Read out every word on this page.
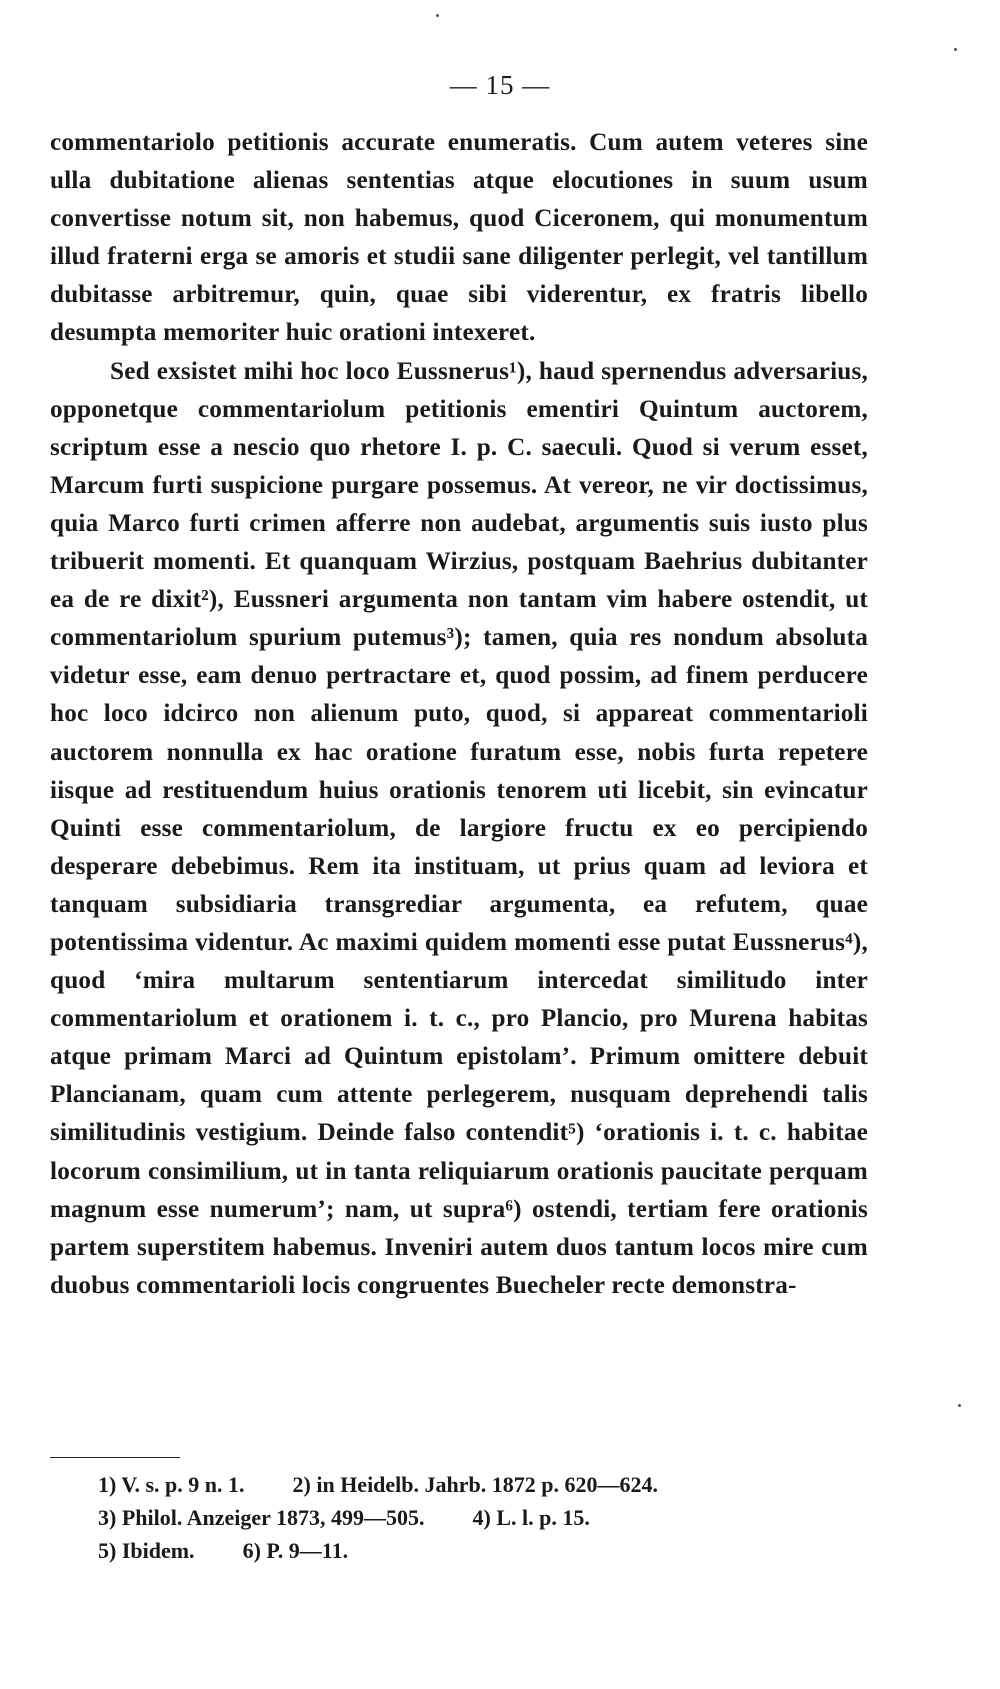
— 15 —

commentariolo petitionis accurate enumeratis. Cum autem veteres sine ulla dubitatione alienas sententias atque elocutiones in suum usum convertisse notum sit, non habemus, quod Ciceronem, qui monumentum illud fraterni erga se amoris et studii sane diligenter perlegit, vel tantillum dubitasse arbitremur, quin, quae sibi viderentur, ex fratris libello desumpta memoriter huic orationi intexeret.

Sed exsistet mihi hoc loco Eussnerus¹), haud spernendus adversarius, opponetque commentariolum petitionis ementiri Quintum auctorem, scriptum esse a nescio quo rhetore I. p. C. saeculi. Quod si verum esset, Marcum furti suspicione purgare possemus. At vereor, ne vir doctissimus, quia Marco furti crimen afferre non audebat, argumentis suis iusto plus tribuerit momenti. Et quanquam Wirzius, postquam Baehrius dubitanter ea de re dixit²), Eussneri argumenta non tantam vim habere ostendit, ut commentariolum spurium putemus³); tamen, quia res nondum absoluta videtur esse, eam denuo pertractare et, quod possim, ad finem perducere hoc loco idcirco non alienum puto, quod, si appareat commentarioli auctorem nonnulla ex hac oratione furatum esse, nobis furta repetere iisque ad restituendum huius orationis tenorem uti licebit, sin evincatur Quinti esse commentariolum, de largiore fructu ex eo percipiendo desperare debebimus. Rem ita instituam, ut prius quam ad leviora et tanquam subsidiaria transgrediar argumenta, ea refutem, quae potentissima videntur. Ac maximi quidem momenti esse putat Eussnerus⁴), quod ‘mira multarum sententiarum intercedat similitudo inter commentariolum et orationem i. t. c., pro Plancio, pro Murena habitas atque primam Marci ad Quintum epistolam’. Primum omittere debuit Plancianam, quam cum attente perlegerem, nusquam deprehendi talis similitudinis vestigium. Deinde falso contendit⁵) ‘orationis i. t. c. habitae locorum consimilium, ut in tanta reliquiarum orationis paucitate perquam magnum esse numerum’; nam, ut supra⁶) ostendi, tertiam fere orationis partem superstitem habemus. Inveniri autem duos tantum locos mire cum duobus commentarioli locis congruentes Buecheler recte demonstra-

1) V. s. p. 9 n. 1. 2) in Heidelb. Jahrb. 1872 p. 620—624.
3) Philol. Anzeiger 1873, 499—505. 4) L. l. p. 15.
5) Ibidem. 6) P. 9—11.
